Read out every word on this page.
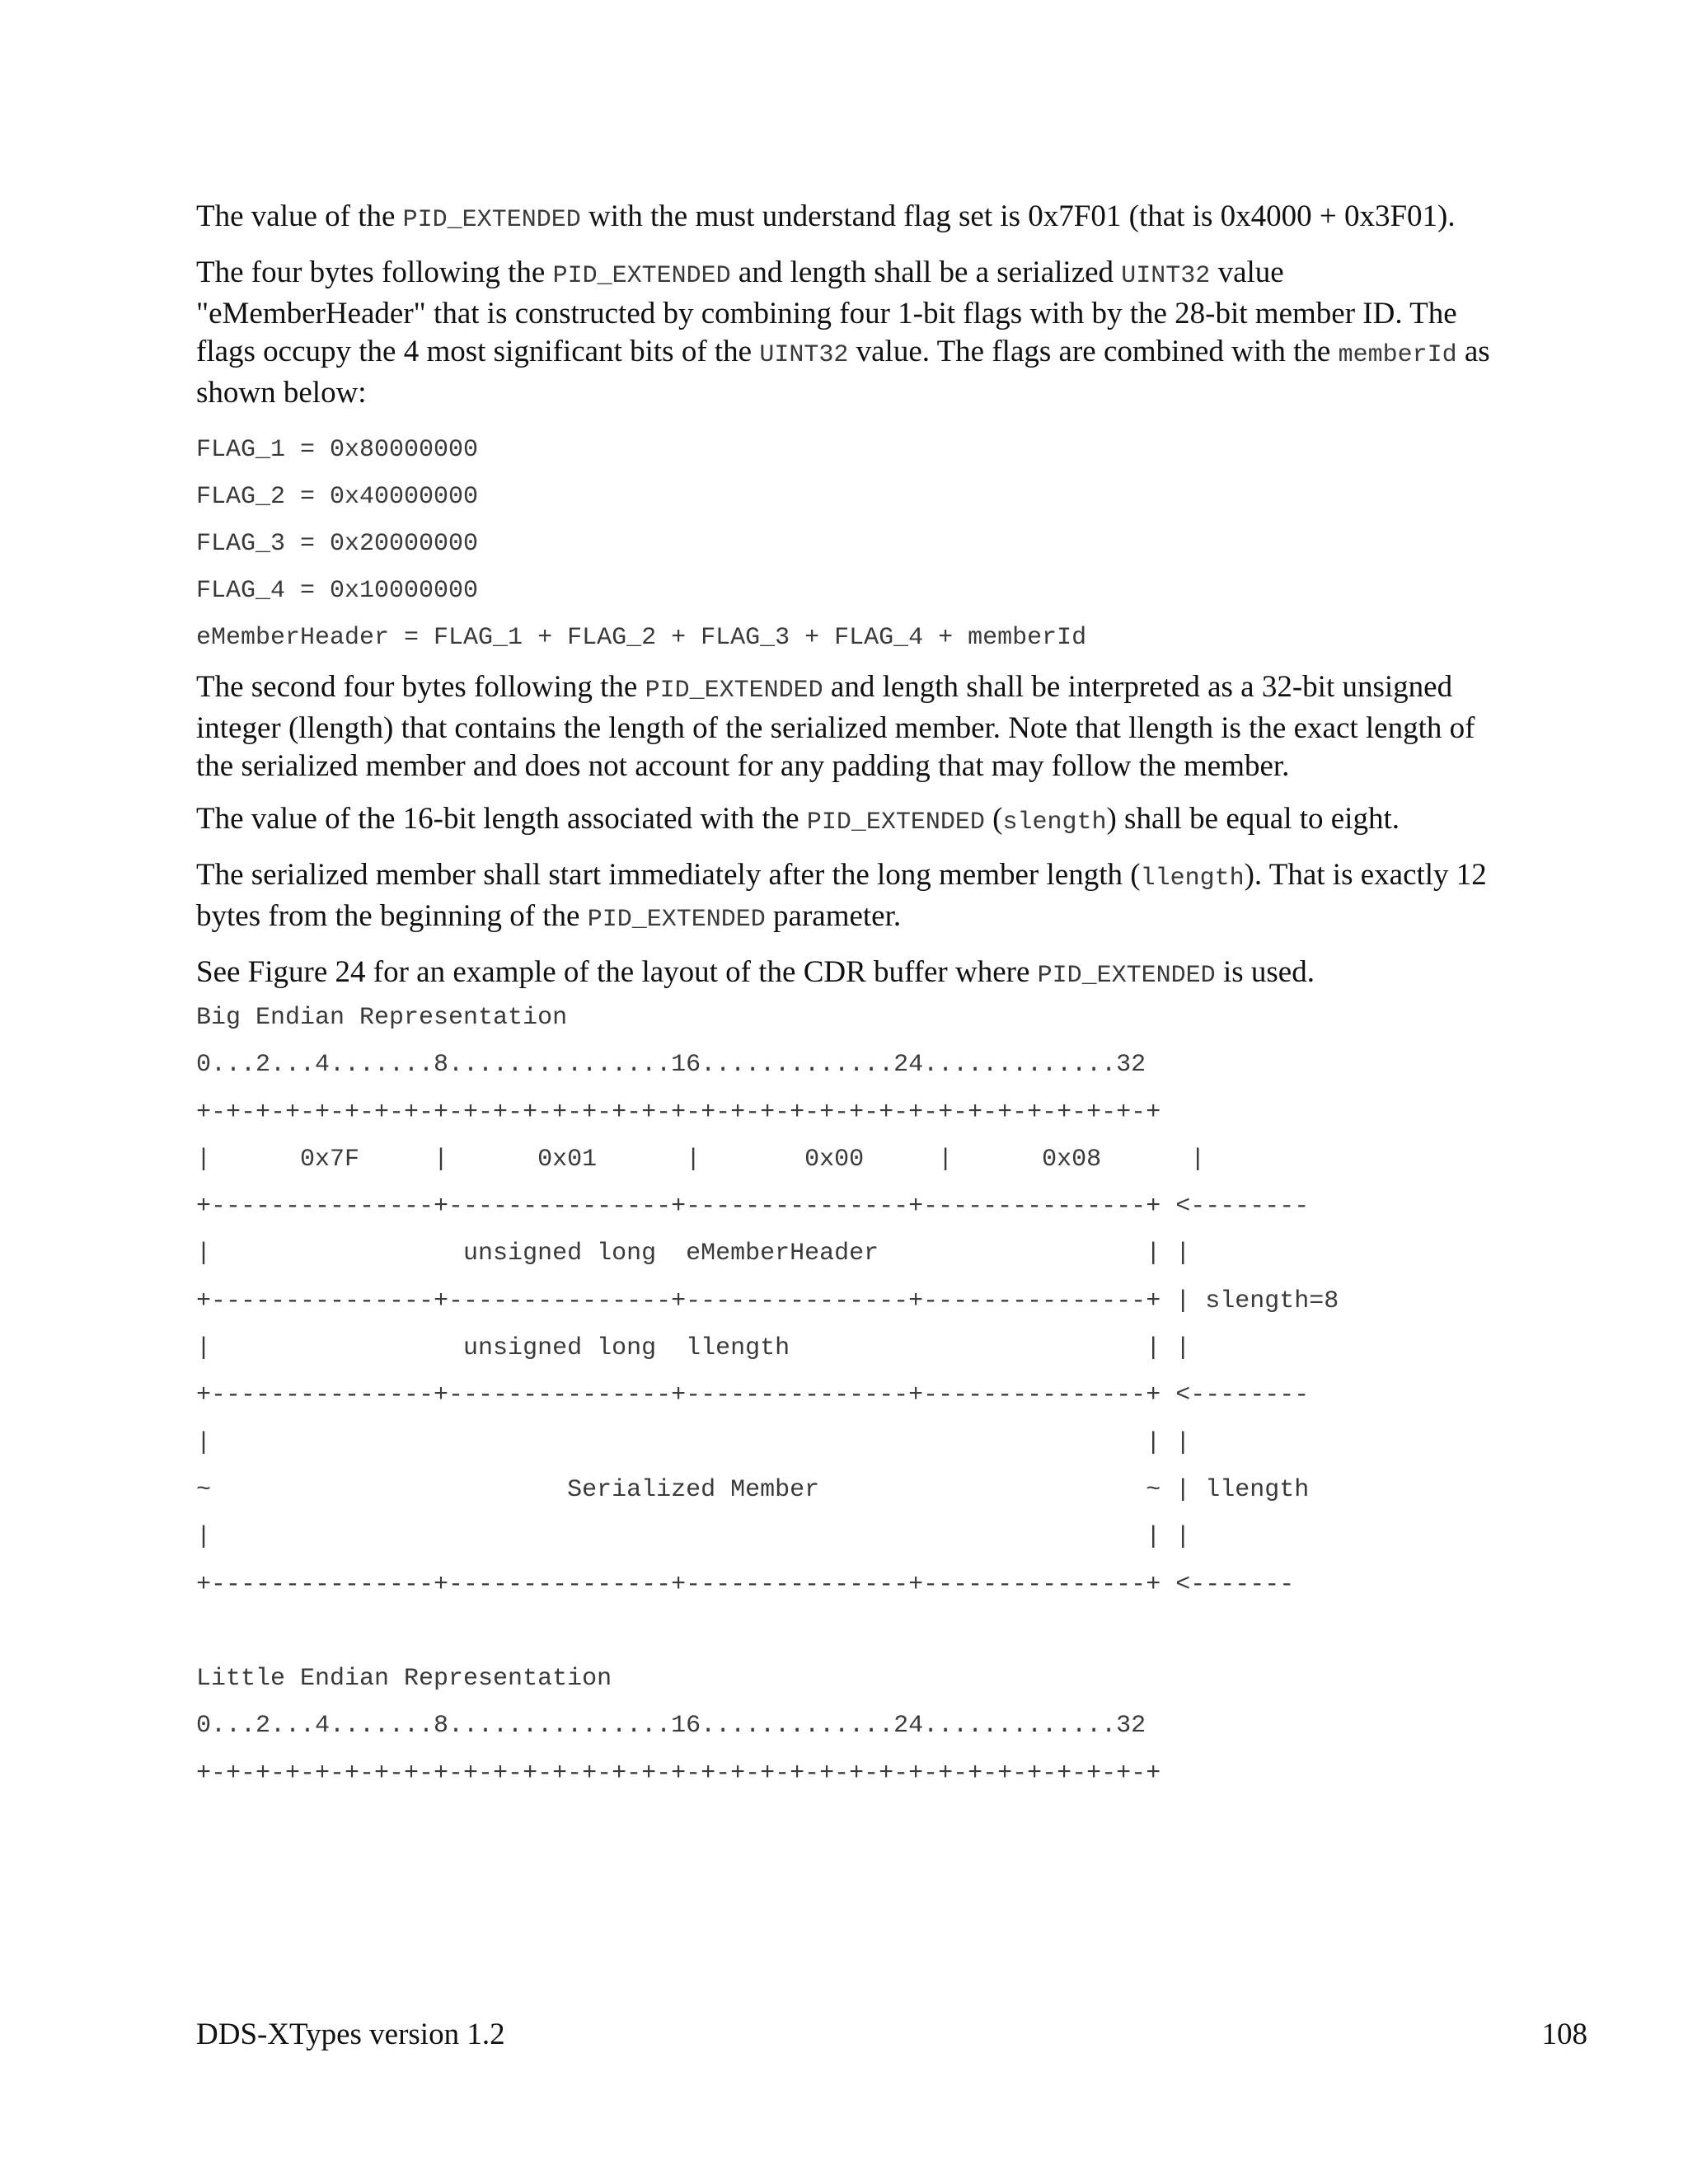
The value of the PID_EXTENDED with the must understand flag set is 0x7F01 (that is 0x4000 + 0x3F01).

The four bytes following the PID_EXTENDED and length shall be a serialized UINT32 value "eMemberHeader" that is constructed by combining four 1-bit flags with by the 28-bit member ID. The flags occupy the 4 most significant bits of the UINT32 value. The flags are combined with the memberId as shown below:

FLAG_1 = 0x80000000
FLAG_2 = 0x40000000
FLAG_3 = 0x20000000
FLAG_4 = 0x10000000
eMemberHeader = FLAG_1 + FLAG_2 + FLAG_3 + FLAG_4 + memberId

The second four bytes following the PID_EXTENDED and length shall be interpreted as a 32-bit unsigned integer (llength) that contains the length of the serialized member. Note that llength is the exact length of the serialized member and does not account for any padding that may follow the member.

The value of the 16-bit length associated with the PID_EXTENDED (slength) shall be equal to eight.

The serialized member shall start immediately after the long member length (llength). That is exactly 12 bytes from the beginning of the PID_EXTENDED parameter.

See Figure 24 for an example of the layout of the CDR buffer where PID_EXTENDED is used.

Big Endian Representation
0...2...4.......8...............16.............24.............32
+-+-+-+-+-+-+-+-+-+-+-+-+-+-+-+-+-+-+-+-+-+-+-+-+-+-+-+-+-+-+-+-+
|      0x7F     |      0x01      |       0x00     |      0x08      |
+---------------+---------------+---------------+---------------+ <--------
|                 unsigned long  eMemberHeader                  | |
+---------------+---------------+---------------+---------------+ | slength=8
|                 unsigned long  llength                        | |
+---------------+---------------+---------------+---------------+ <--------
|                                                               | |
~                        Serialized Member                      ~ | llength
|                                                               | |
+---------------+---------------+---------------+---------------+ <-------
Little Endian Representation
0...2...4.......8...............16.............24.............32
+-+-+-+-+-+-+-+-+-+-+-+-+-+-+-+-+-+-+-+-+-+-+-+-+-+-+-+-+-+-+-+-+
DDS-XTypes version 1.2	108
